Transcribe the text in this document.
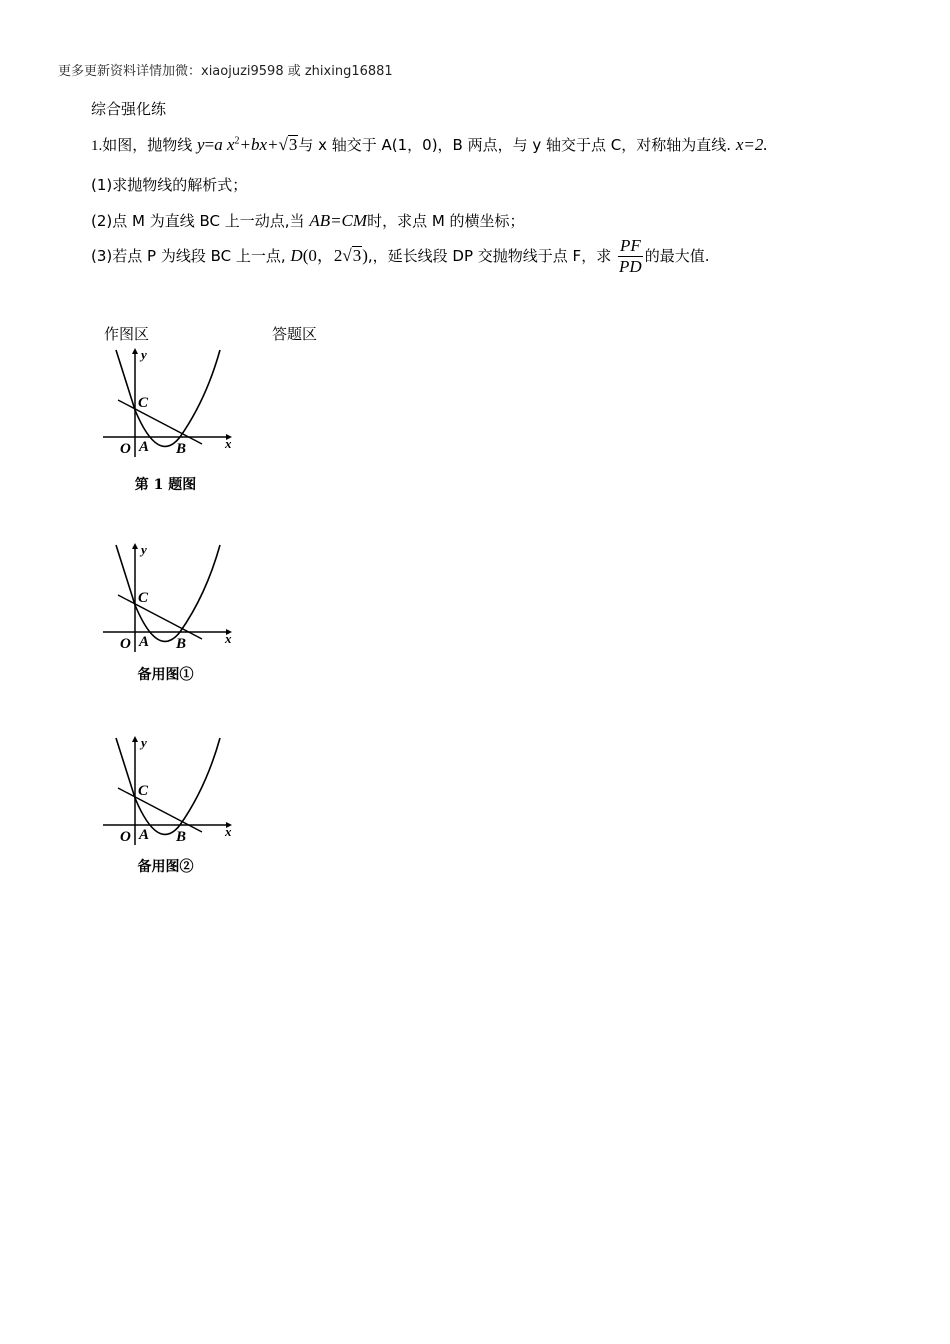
更多更新资料详情加微：xiaojuzi9598 或 zhixing16881
综合强化练
1.如图，抛物线 y=a $x^2+bx+√3$与 x 轴交于 A(1，0)，B 两点，与 y 轴交于点 C，对称轴为直线. x=2.
(1)求抛物线的解析式；
(2)点 M 为直线 BC 上一动点,当 AB=CM时，求点 M 的横坐标；
(3)若点 P 为线段 BC 上一点, D(0，2√3),，延长线段 DP 交抛物线于点 F，求 $\frac{PF}{PD}$ 的最大值.
作图区	答题区
y
x
O A B
C
第 1 题图
y
x
O A B
C
备用图①
y
x
O A B
C
备用图②
